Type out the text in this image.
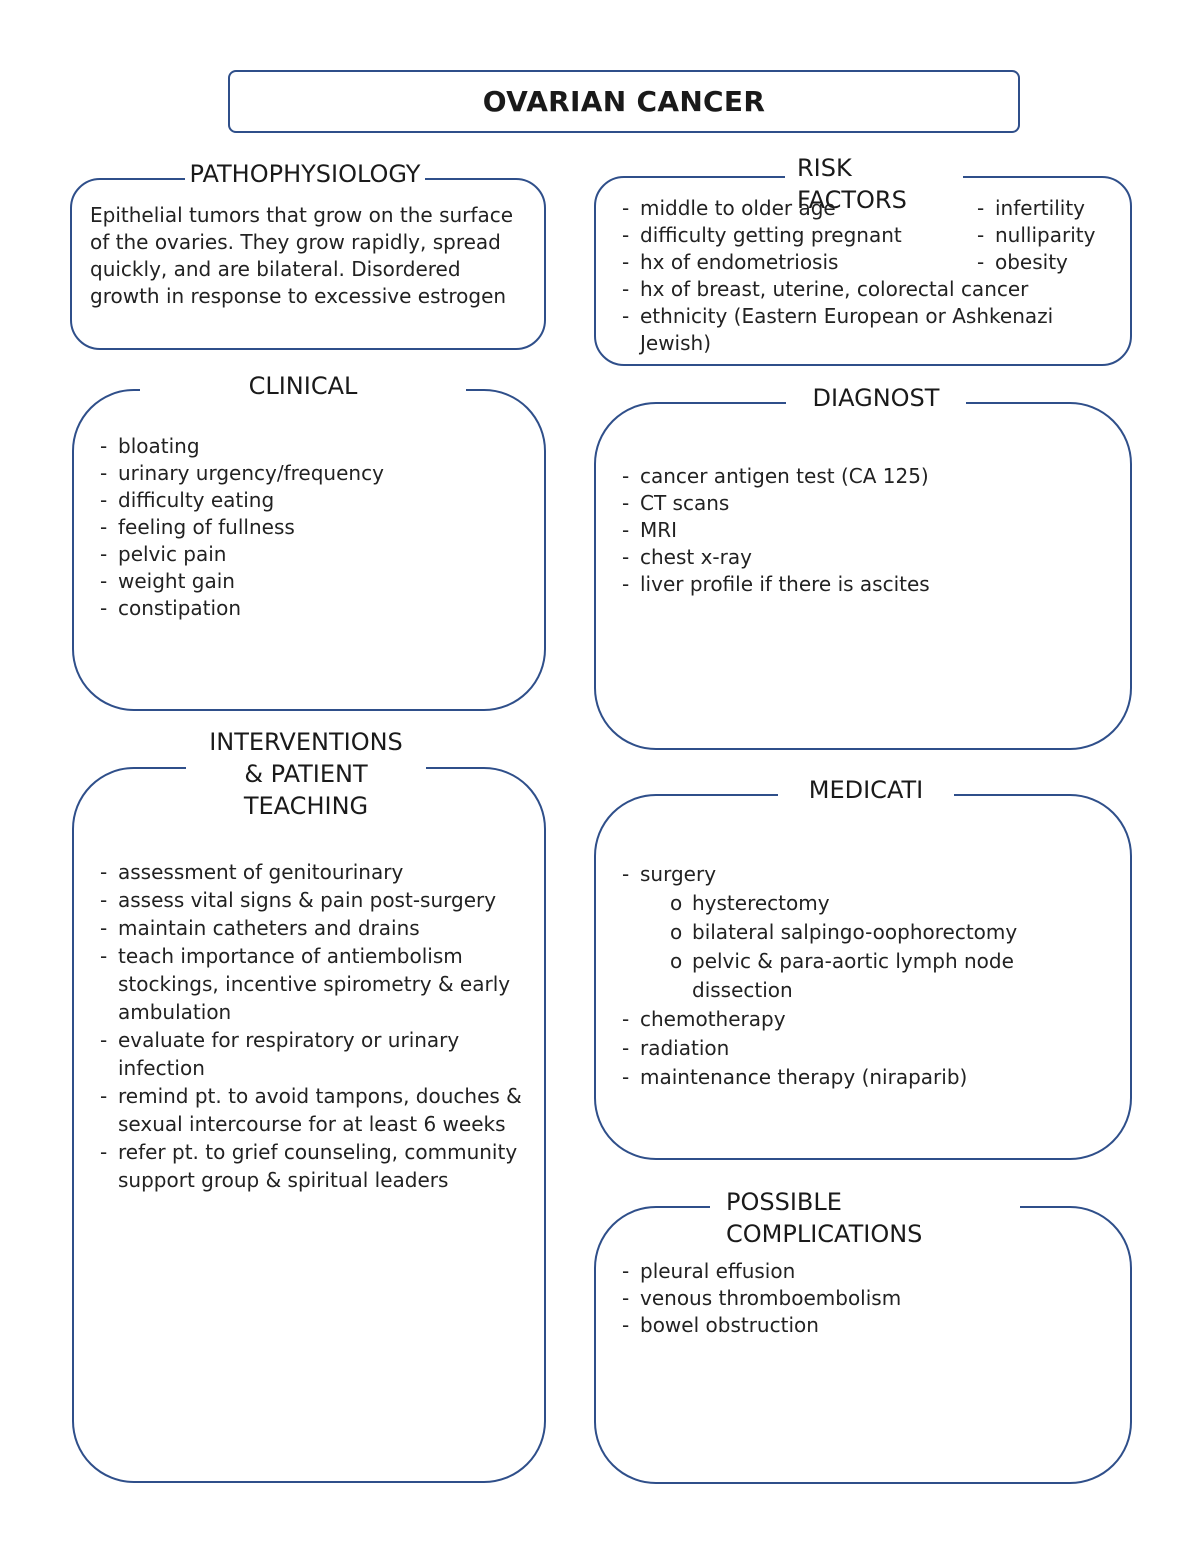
OVARIAN CANCER
PATHOPHYSIOLOGY

Epithelial tumors that grow on the surface of the ovaries. They grow rapidly, spread quickly, and are bilateral. Disordered growth in response to excessive estrogen

RISK FACTORS
- middle to older age
- difficulty getting pregnant
- hx of endometriosis
- hx of breast, uterine, colorectal cancer
- ethnicity (Eastern European or Ashkenazi Jewish)
- infertility
- nulliparity
- obesity
CLINICAL
- bloating
- urinary urgency/frequency
- difficulty eating
- feeling of fullness
- pelvic pain
- weight gain
- constipation
DIAGNOST
- cancer antigen test (CA 125)
- CT scans
- MRI
- chest x-ray
- liver profile if there is ascites
INTERVENTIONS & PATIENT TEACHING
- assessment of genitourinary
- assess vital signs & pain post-surgery
- maintain catheters and drains
- teach importance of antiembolism stockings, incentive spirometry & early ambulation
- evaluate for respiratory or urinary infection
- remind pt. to avoid tampons, douches & sexual intercourse for at least 6 weeks
- refer pt. to grief counseling, community support group & spiritual leaders
MEDICATI
- surgery
o hysterectomy
o bilateral salpingo-oophorectomy
o pelvic & para-aortic lymph node dissection
- chemotherapy
- radiation
- maintenance therapy (niraparib)
POSSIBLE COMPLICATIONS
- pleural effusion
- venous thromboembolism
- bowel obstruction
